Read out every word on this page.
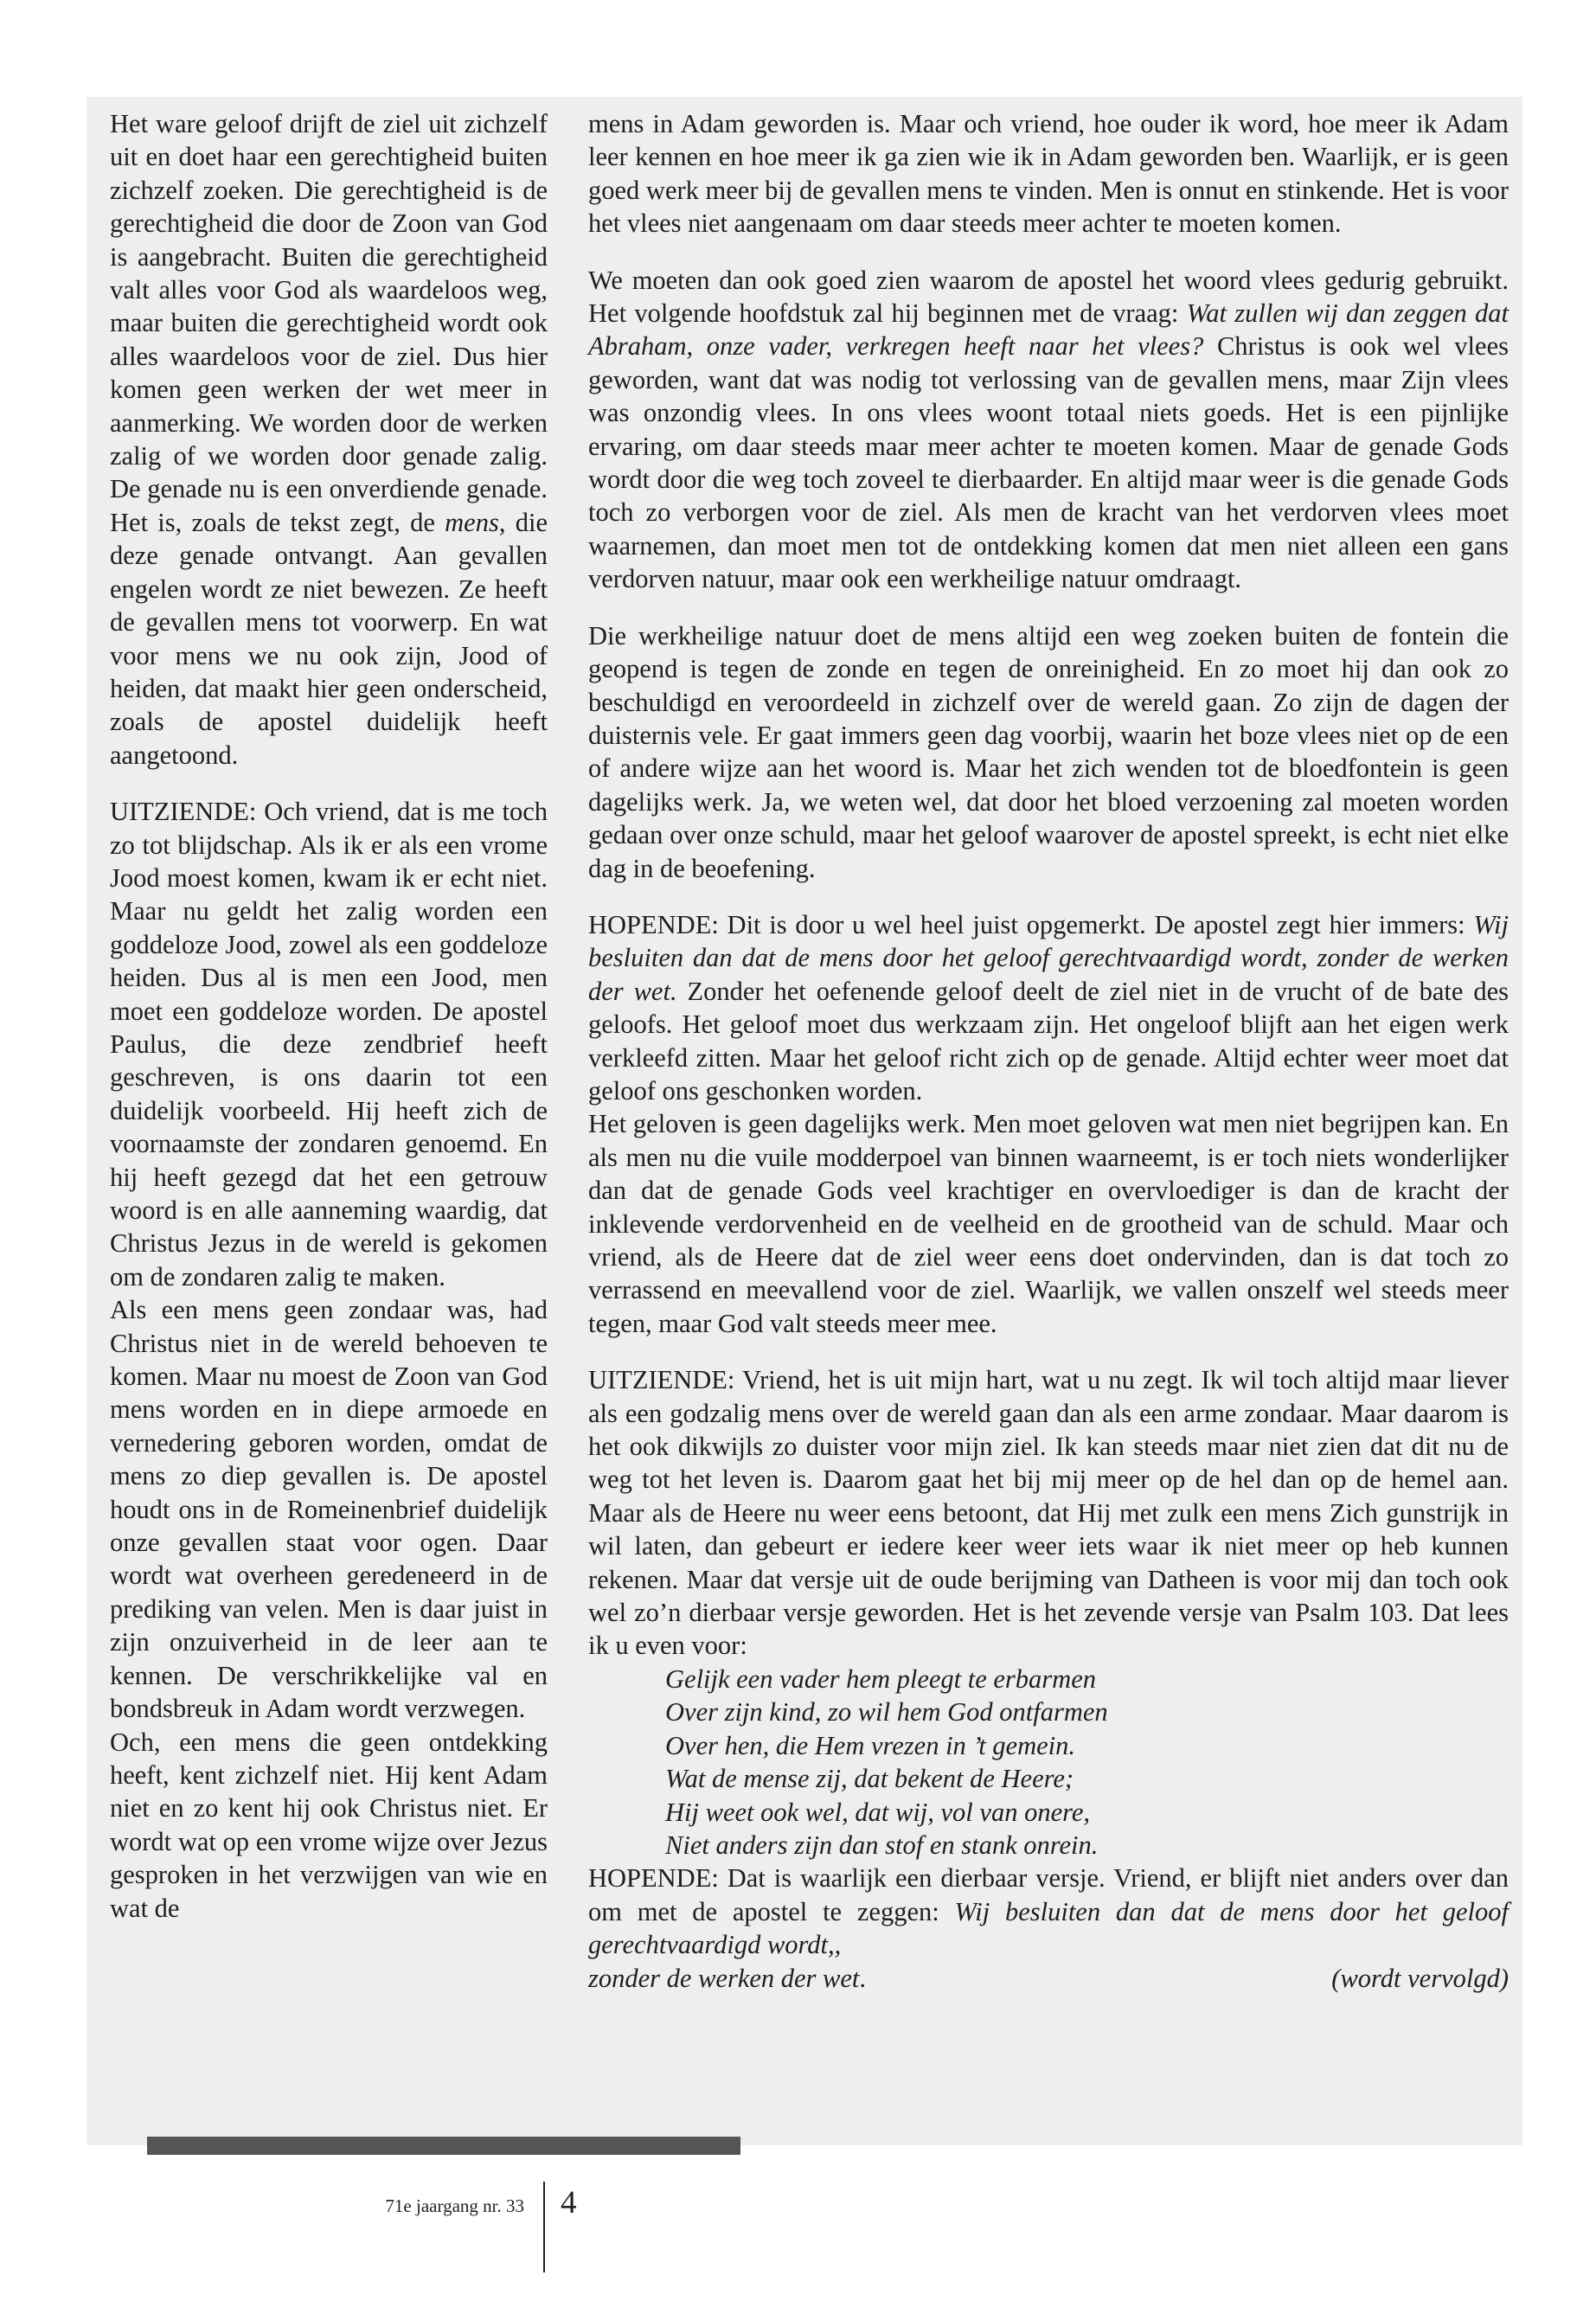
Het ware geloof drijft de ziel uit zichzelf uit en doet haar een gerechtigheid buiten zichzelf zoeken. Die gerechtigheid is de gerechtigheid die door de Zoon van God is aangebracht. Buiten die gerechtigheid valt alles voor God als waardeloos weg, maar buiten die gerechtigheid wordt ook alles waardeloos voor de ziel. Dus hier komen geen werken der wet meer in aanmerking. We worden door de werken zalig of we worden door genade zalig. De genade nu is een onverdiende genade. Het is, zoals de tekst zegt, de mens, die deze genade ontvangt. Aan gevallen engelen wordt ze niet bewezen. Ze heeft de gevallen mens tot voorwerp. En wat voor mens we nu ook zijn, Jood of heiden, dat maakt hier geen onderscheid, zoals de apostel duidelijk heeft aangetoond.

UITZIENDE: Och vriend, dat is me toch zo tot blijdschap. Als ik er als een vrome Jood moest komen, kwam ik er echt niet. Maar nu geldt het zalig worden een goddeloze Jood, zowel als een goddeloze heiden. Dus al is men een Jood, men moet een goddeloze worden. De apostel Paulus, die deze zendbrief heeft geschreven, is ons daarin tot een duidelijk voorbeeld. Hij heeft zich de voornaamste der zondaren genoemd. En hij heeft gezegd dat het een getrouw woord is en alle aanneming waardig, dat Christus Jezus in de wereld is gekomen om de zondaren zalig te maken.

Als een mens geen zondaar was, had Christus niet in de wereld behoeven te komen. Maar nu moest de Zoon van God mens worden en in diepe armoede en vernedering geboren worden, omdat de mens zo diep gevallen is. De apostel houdt ons in de Romeinenbrief duidelijk onze gevallen staat voor ogen. Daar wordt wat overheen geredeneerd in de prediking van velen. Men is daar juist in zijn onzuiverheid in de leer aan te kennen. De verschrikkelijke val en bondsbreuk in Adam wordt verzwegen.

Och, een mens die geen ontdekking heeft, kent zichzelf niet. Hij kent Adam niet en zo kent hij ook Christus niet. Er wordt wat op een vrome wijze over Jezus gesproken in het verzwijgen van wie en wat de

mens in Adam geworden is. Maar och vriend, hoe ouder ik word, hoe meer ik Adam leer kennen en hoe meer ik ga zien wie ik in Adam geworden ben. Waarlijk, er is geen goed werk meer bij de gevallen mens te vinden. Men is onnut en stinkende. Het is voor het vlees niet aangenaam om daar steeds meer achter te moeten komen.

We moeten dan ook goed zien waarom de apostel het woord vlees gedurig gebruikt. Het volgende hoofdstuk zal hij beginnen met de vraag: Wat zullen wij dan zeggen dat Abraham, onze vader, verkregen heeft naar het vlees? Christus is ook wel vlees geworden, want dat was nodig tot verlossing van de gevallen mens, maar Zijn vlees was onzondig vlees. In ons vlees woont totaal niets goeds. Het is een pijnlijke ervaring, om daar steeds maar meer achter te moeten komen. Maar de genade Gods wordt door die weg toch zoveel te dierbaarder. En altijd maar weer is die genade Gods toch zo verborgen voor de ziel. Als men de kracht van het verdorven vlees moet waarnemen, dan moet men tot de ontdekking komen dat men niet alleen een gans verdorven natuur, maar ook een werkheilige natuur omdraagt.

Die werkheilige natuur doet de mens altijd een weg zoeken buiten de fontein die geopend is tegen de zonde en tegen de onreinigheid. En zo moet hij dan ook zo beschuldigd en veroordeeld in zichzelf over de wereld gaan. Zo zijn de dagen der duisternis vele. Er gaat immers geen dag voorbij, waarin het boze vlees niet op de een of andere wijze aan het woord is. Maar het zich wenden tot de bloedfontein is geen dagelijks werk. Ja, we weten wel, dat door het bloed verzoening zal moeten worden gedaan over onze schuld, maar het geloof waarover de apostel spreekt, is echt niet elke dag in de beoefening.

HOPENDE: Dit is door u wel heel juist opgemerkt. De apostel zegt hier immers: Wij besluiten dan dat de mens door het geloof gerechtvaardigd wordt, zonder de werken der wet. Zonder het oefenende geloof deelt de ziel niet in de vrucht of de bate des geloofs. Het geloof moet dus werkzaam zijn. Het ongeloof blijft aan het eigen werk verkleefd zitten. Maar het geloof richt zich op de genade. Altijd echter weer moet dat geloof ons geschonken worden.

Het geloven is geen dagelijks werk. Men moet geloven wat men niet begrijpen kan. En als men nu die vuile modderpoel van binnen waarneemt, is er toch niets wonderlijker dan dat de genade Gods veel krachtiger en overvloediger is dan de kracht der inklevende verdorvenheid en de veelheid en de grootheid van de schuld. Maar och vriend, als de Heere dat de ziel weer eens doet ondervinden, dan is dat toch zo verrassend en meevallend voor de ziel. Waarlijk, we vallen onszelf wel steeds meer tegen, maar God valt steeds meer mee.

UITZIENDE: Vriend, het is uit mijn hart, wat u nu zegt. Ik wil toch altijd maar liever als een godzalig mens over de wereld gaan dan als een arme zondaar. Maar daarom is het ook dikwijls zo duister voor mijn ziel. Ik kan steeds maar niet zien dat dit nu de weg tot het leven is. Daarom gaat het bij mij meer op de hel dan op de hemel aan. Maar als de Heere nu weer eens betoont, dat Hij met zulk een mens Zich gunstrijk in wil laten, dan gebeurt er iedere keer weer iets waar ik niet meer op heb kunnen rekenen. Maar dat versje uit de oude berijming van Datheen is voor mij dan toch ook wel zo’n dierbaar versje geworden. Het is het zevende versje van Psalm 103. Dat lees ik u even voor:

Gelijk een vader hem pleegt te erbarmen
Over zijn kind, zo wil hem God ontfarmen
Over hen, die Hem vrezen in ’t gemein.
Wat de mense zij, dat bekent de Heere;
Hij weet ook wel, dat wij, vol van onere,
Niet anders zijn dan stof en stank onrein.
HOPENDE: Dat is waarlijk een dierbaar versje. Vriend, er blijft niet anders over dan om met de apostel te zeggen: Wij besluiten dan dat de mens door het geloof gerechtvaardigd wordt,,
zonder de werken der wet.	(wordt vervolgd)
71e jaargang nr. 33 4
